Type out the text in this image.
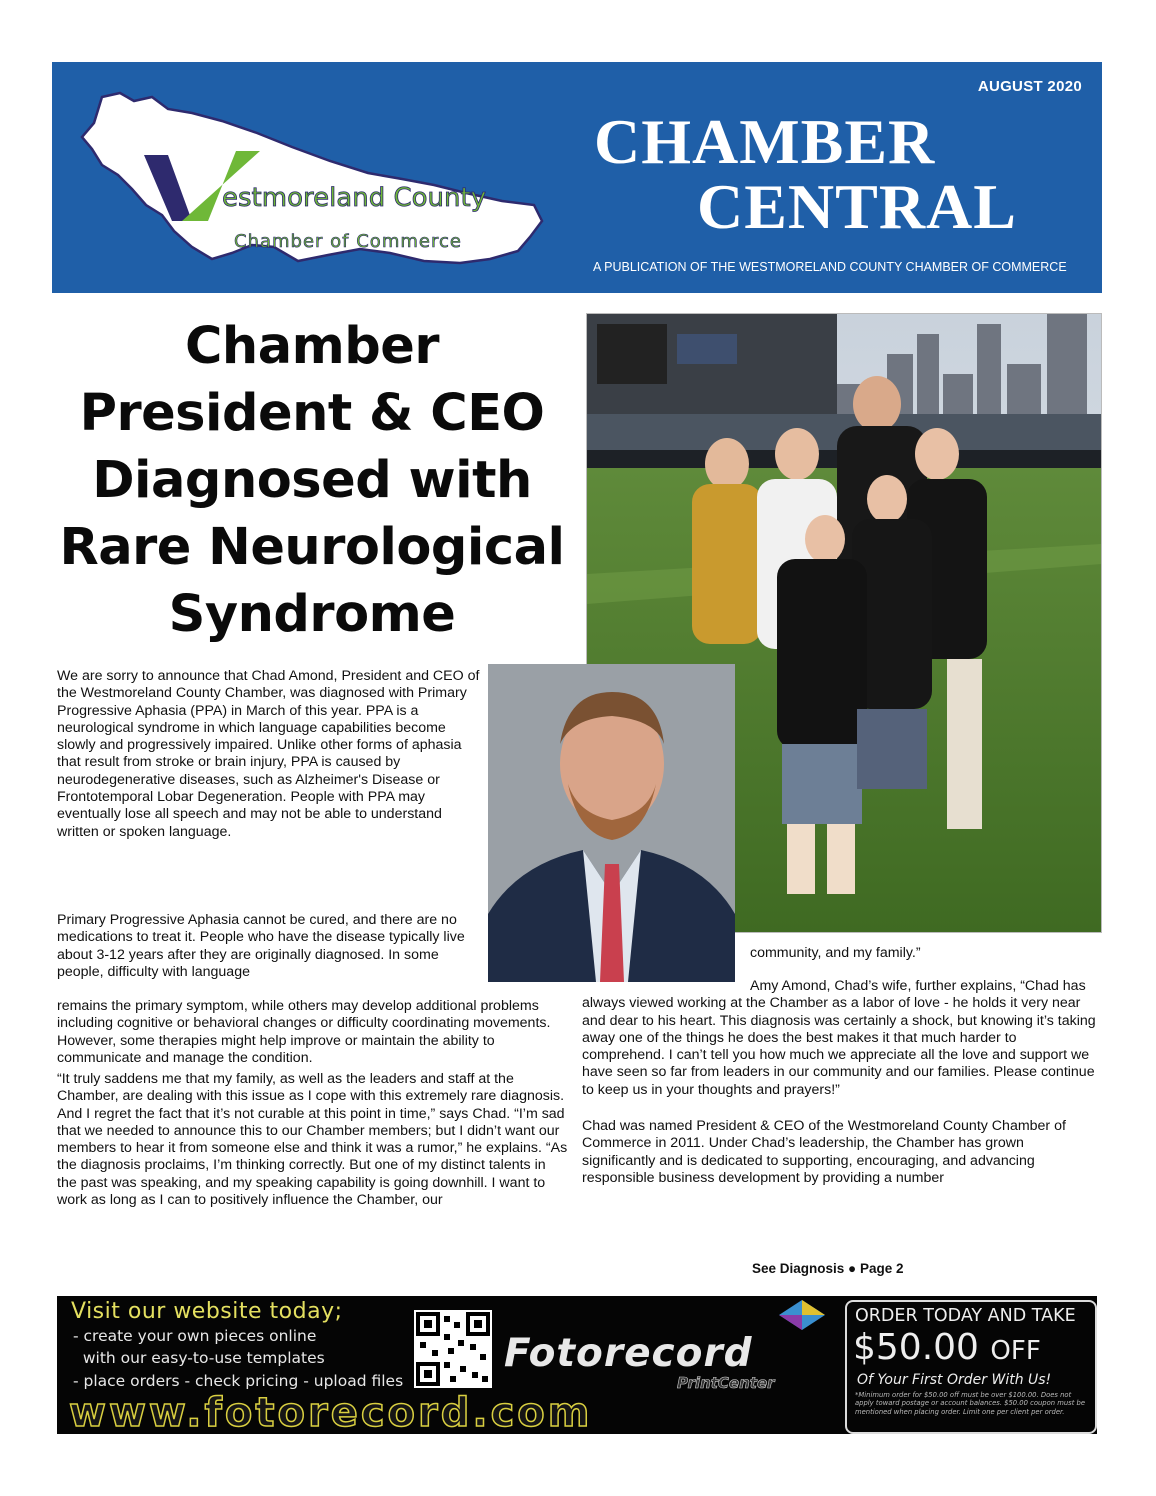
estmoreland County
Chamber of Commerce
AUGUST 2020
CHAMBER
CENTRAL
A PUBLICATION OF THE WESTMORELAND COUNTY CHAMBER OF COMMERCE
Chamber
President & CEO
Diagnosed with
Rare Neurological
Syndrome

We are sorry to announce that Chad Amond, President and CEO of the Westmoreland County Chamber, was diagnosed with Primary Progressive Aphasia (PPA) in March of this year. PPA is a neurological syndrome in which language capabilities become slowly and progressively impaired. Unlike other forms of aphasia that result from stroke or brain injury, PPA is caused by neurodegenerative diseases, such as Alzheimer's Disease or Frontotemporal Lobar Degeneration. People with PPA may eventually lose all speech and may not be able to understand written or spoken language.

Primary Progressive Aphasia cannot be cured, and there are no medications to treat it. People who have the disease typically live about 3-12 years after they are originally diagnosed. In some people, difficulty with language

remains the primary symptom, while others may develop additional problems including cognitive or behavioral changes or difficulty coordinating movements. However, some therapies might help improve or maintain the ability to communicate and manage the condition.

“It truly saddens me that my family, as well as the leaders and staff at the Chamber, are dealing with this issue as I cope with this extremely rare diagnosis. And I regret the fact that it’s not curable at this point in time,” says Chad. “I’m sad that we needed to announce this to our Chamber members; but I didn’t want our members to hear it from someone else and think it was a rumor,” he explains. “As the diagnosis proclaims, I’m thinking correctly. But one of my distinct talents in the past was speaking, and my speaking capability is going downhill. I want to work as long as I can to positively influence the Chamber, our

community, and my family.”

Amy Amond, Chad’s wife, further explains, “Chad has always viewed working at the Chamber as a labor of love - he holds it very near and dear to his heart. This diagnosis was certainly a shock, but knowing it’s taking away one of the things he does the best makes it that much harder to comprehend. I can’t tell you how much we appreciate all the love and support we have seen so far from leaders in our community and our families. Please continue to keep us in your thoughts and prayers!”

Chad was named President & CEO of the Westmoreland County Chamber of Commerce in 2011. Under Chad’s leadership, the Chamber has grown significantly and is dedicated to supporting, encouraging, and advancing responsible business development by providing a number

See Diagnosis ● Page 2
Visit our website today;
- create your own pieces online
with our easy-to-use templates
- place orders - check pricing - upload files
www.fotorecord.com
Fotorecord
PrintCenter
ORDER TODAY AND TAKE
$50.00 OFF
Of Your First Order With Us!
*Minimum order for $50.00 off must be over $100.00. Does not apply toward postage or account balances. $50.00 coupon must be mentioned when placing order. Limit one per client per order.
